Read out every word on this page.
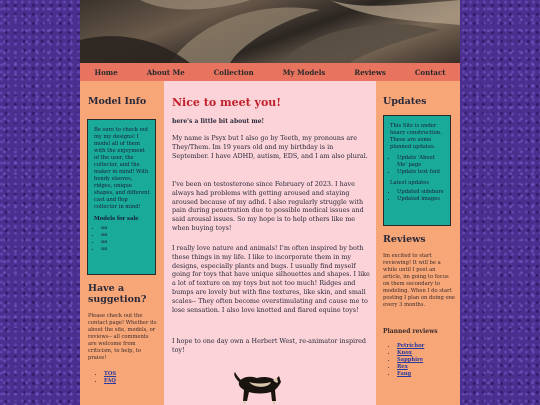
Home	About Me	Collection	My Models	Reviews	Contact
Model Info
Be sure to check out my my designs! I model all of them with the enjoyment of the user, the collector, and the maker in mind! With bendy sleeves, ridges, unique shapes, and different cast and flop collector in mind!
Models for sale
• aa
• aa
• aa
• aa
Have a suggetion?
Please check out the contact page! Whether its about the site, models, or reviews-- all comments are welcome from criticism, to help, to praise!
• TOS
• FAQ
Nice to meet you!
here's a little bit about me!

My name is Psyx but I also go by Teeth, my pronouns are They/Them. Im 19 years old and my birthday is in September. I have ADHD, autism, EDS, and I am also plural.

I've been on testosterone since February of 2023. I have always had problems with getting aroused and staying aroused because of my adhd. I also regularly struggle with pain during penetration due to possible medical issues and said arousal issues. So my hope is to help others like me when buying toys!

I really love nature and animals! I'm often inspired by both these things in my life. I like to incorporate them in my designs, especially plants and bugs. I usually find myself going for toys that have unique silhouettes and shapes. I like a lot of texture on my toys but not too much! Ridges and bumps are lovely but with fine textures, like skin, and small scales-- They often become overstimulating and cause me to lose sensation. I also love knotted and flared equine toys!

I hope to one day own a Herbert West, re-animator inspired toy!

Updates
This Site is under heavy construction. These are some planned updates.
• Update 'About Me' page
• Update text font
Latest updates
• Updated sidebars
• Updated images
Reviews
Im excited to start reviewing! It will be a while until I post an article, im going to focus on them secondary to modeling. When I do start posting I plan on doing one every 3 months.
Planned reviews
• Petrichor
• Knox
• Sapphire
• Rex
• Fang
